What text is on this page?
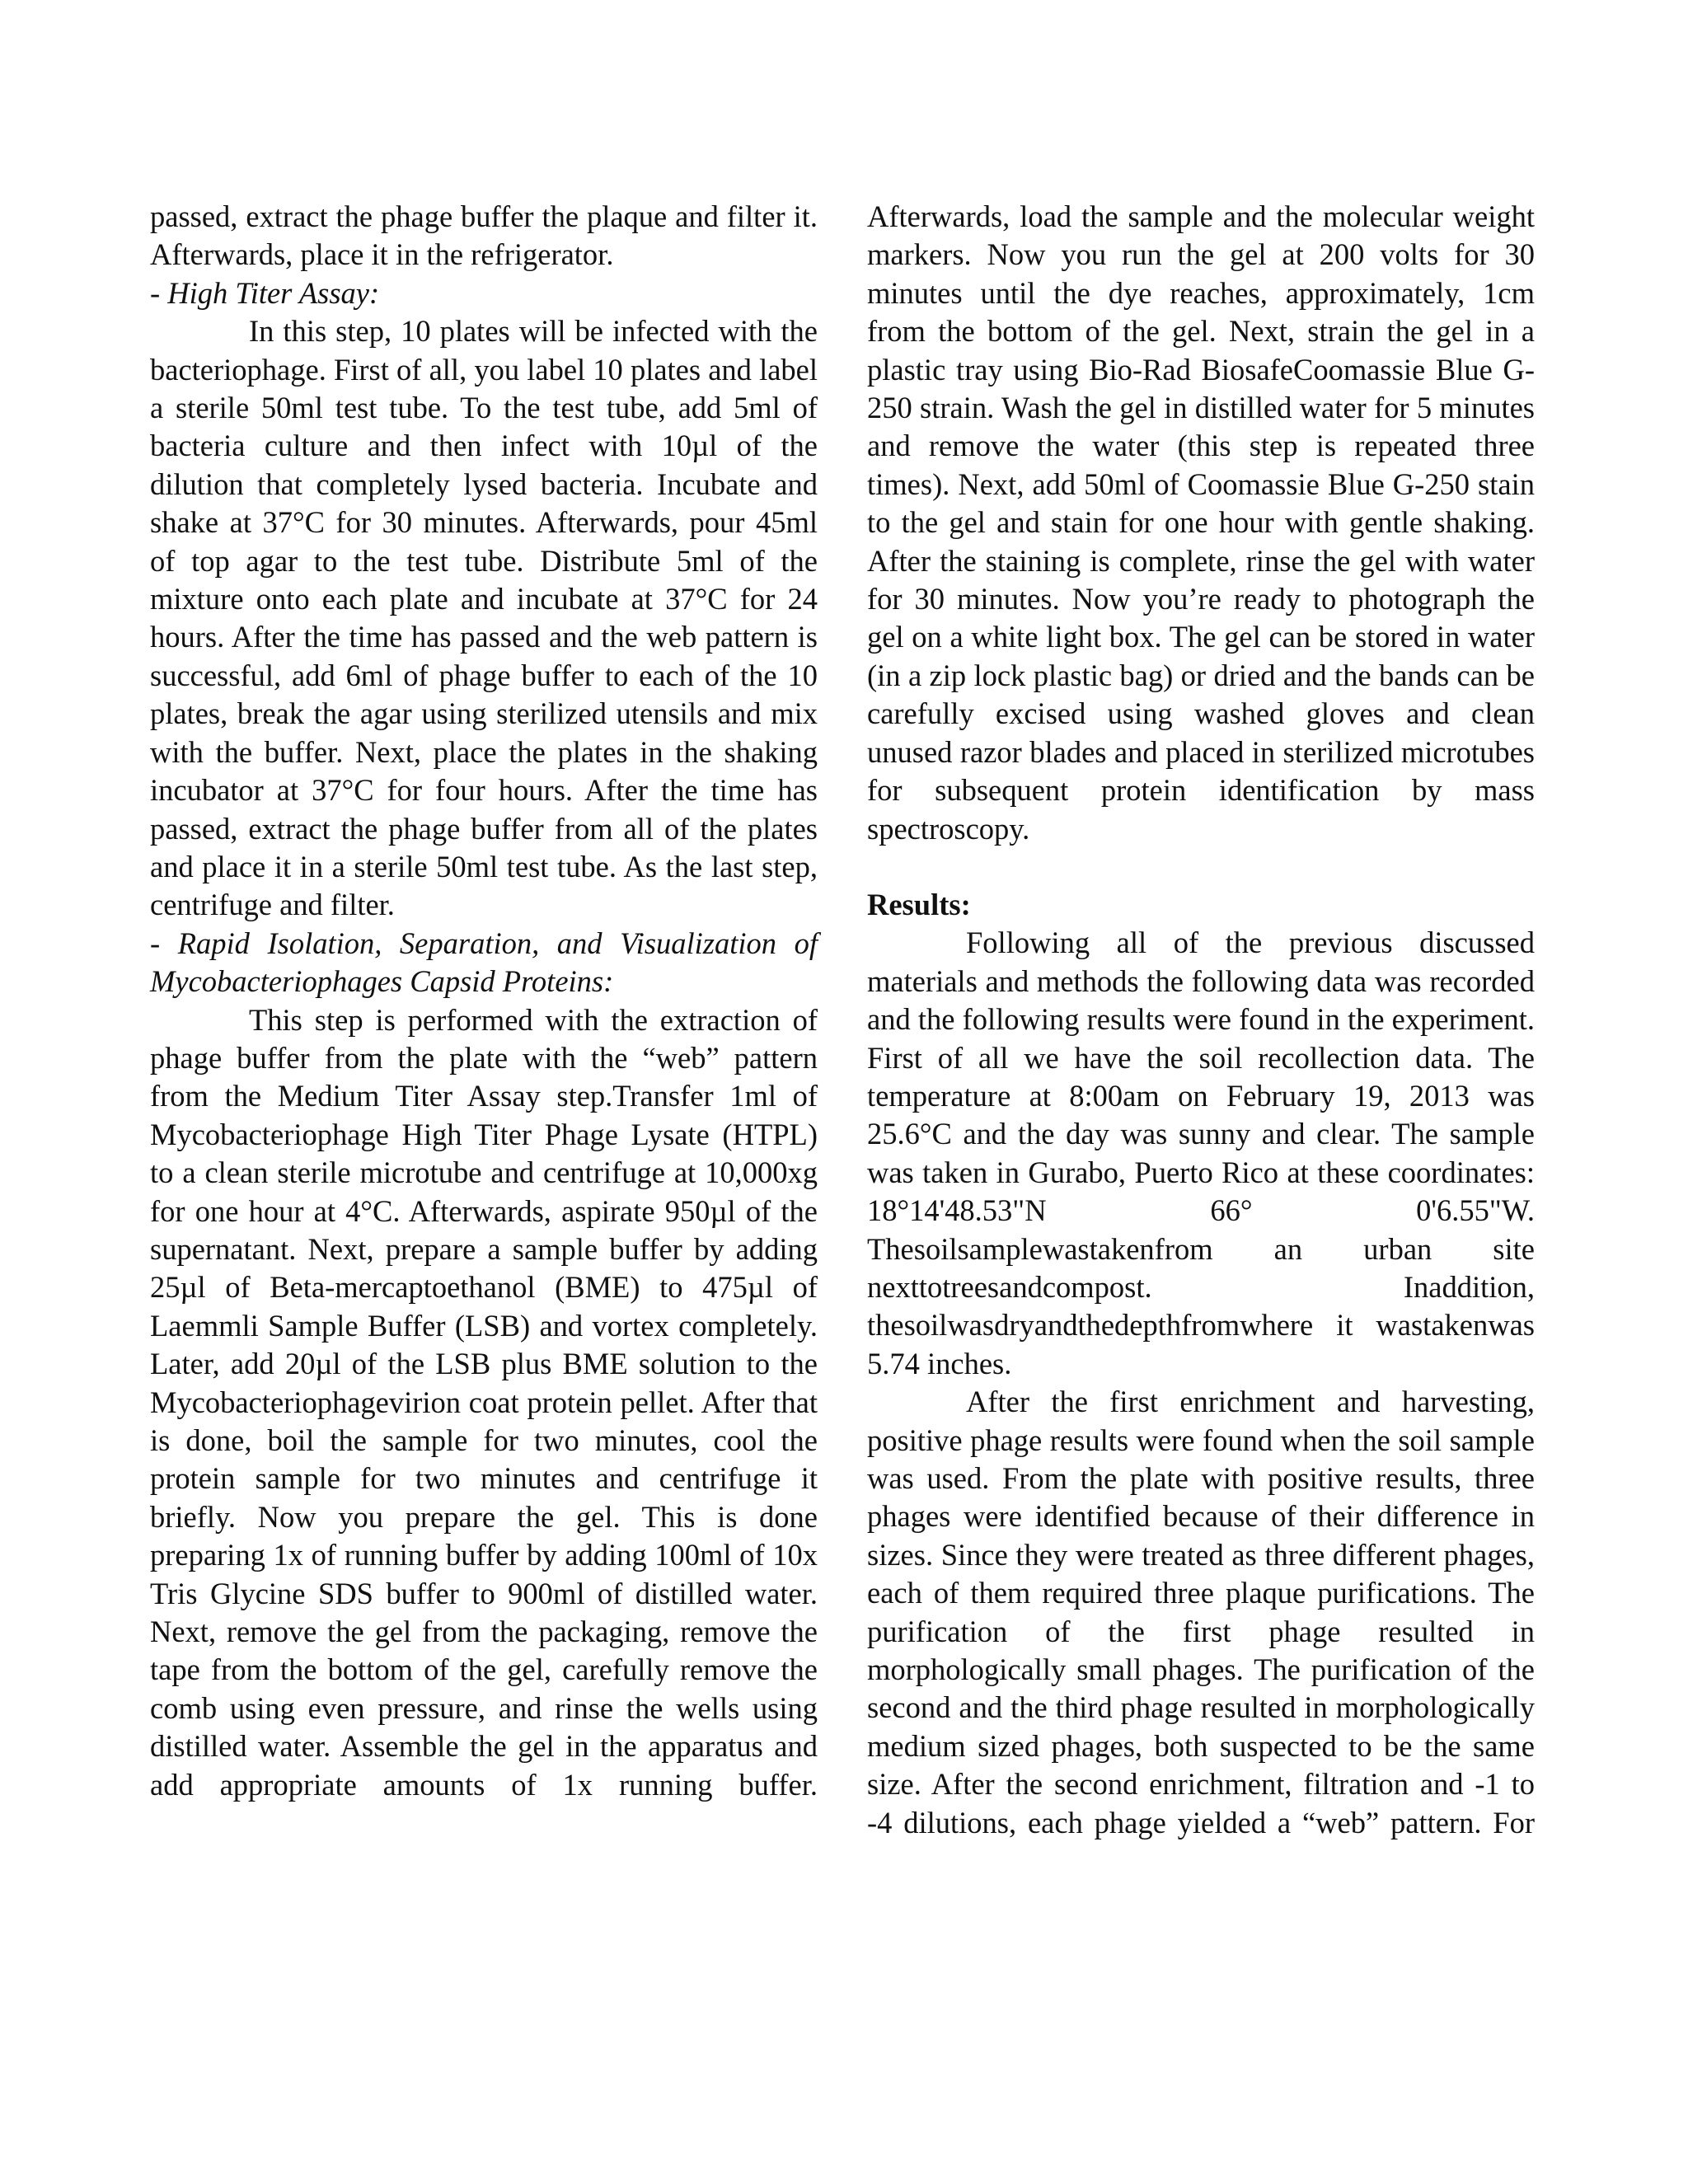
passed, extract the phage buffer the plaque and filter it. Afterwards, place it in the refrigerator.

- High Titer Assay:

In this step, 10 plates will be infected with the bacteriophage. First of all, you label 10 plates and label a sterile 50ml test tube. To the test tube, add 5ml of bacteria culture and then infect with 10µl of the dilution that completely lysed bacteria. Incubate and shake at 37°C for 30 minutes. Afterwards, pour 45ml of top agar to the test tube. Distribute 5ml of the mixture onto each plate and incubate at 37°C for 24 hours. After the time has passed and the web pattern is successful, add 6ml of phage buffer to each of the 10 plates, break the agar using sterilized utensils and mix with the buffer. Next, place the plates in the shaking incubator at 37°C for four hours. After the time has passed, extract the phage buffer from all of the plates and place it in a sterile 50ml test tube. As the last step, centrifuge and filter.

- Rapid Isolation, Separation, and Visualization of Mycobacteriophages Capsid Proteins:

This step is performed with the extraction of phage buffer from the plate with the “web” pattern from the Medium Titer Assay step.Transfer 1ml of Mycobacteriophage High Titer Phage Lysate (HTPL) to a clean sterile microtube and centrifuge at 10,000xg for one hour at 4°C. Afterwards, aspirate 950µl of the supernatant. Next, prepare a sample buffer by adding 25µl of Beta-mercaptoethanol (BME) to 475µl of Laemmli Sample Buffer (LSB) and vortex completely. Later, add 20µl of the LSB plus BME solution to the Mycobacteriophagevirion coat protein pellet. After that is done, boil the sample for two minutes, cool the protein sample for two minutes and centrifuge it briefly. Now you prepare the gel. This is done preparing 1x of running buffer by adding 100ml of 10x Tris Glycine SDS buffer to 900ml of distilled water. Next, remove the gel from the packaging, remove the tape from the bottom of the gel, carefully remove the comb using even pressure, and rinse the wells using distilled water. Assemble the gel in the apparatus and add appropriate amounts of 1x running buffer.

Afterwards, load the sample and the molecular weight markers. Now you run the gel at 200 volts for 30 minutes until the dye reaches, approximately, 1cm from the bottom of the gel. Next, strain the gel in a plastic tray using Bio-Rad BiosafeCoomassie Blue G-250 strain. Wash the gel in distilled water for 5 minutes and remove the water (this step is repeated three times). Next, add 50ml of Coomassie Blue G-250 stain to the gel and stain for one hour with gentle shaking. After the staining is complete, rinse the gel with water for 30 minutes. Now you’re ready to photograph the gel on a white light box. The gel can be stored in water (in a zip lock plastic bag) or dried and the bands can be carefully excised using washed gloves and clean unused razor blades and placed in sterilized microtubes for subsequent protein identification by mass spectroscopy.

Results:

Following all of the previous discussed materials and methods the following data was recorded and the following results were found in the experiment. First of all we have the soil recollection data. The temperature at 8:00am on February 19, 2013 was 25.6°C and the day was sunny and clear. The sample was taken in Gurabo, Puerto Rico at these coordinates: 18°14'48.53"N 66° 0'6.55"W. Thesoilsamplewastakenfrom an urban site nexttotreesandcompost. Inaddition, thesoilwasdryandthedepthfromwhere it wastakenwas 5.74 inches.

After the first enrichment and harvesting, positive phage results were found when the soil sample was used. From the plate with positive results, three phages were identified because of their difference in sizes. Since they were treated as three different phages, each of them required three plaque purifications. The purification of the first phage resulted in morphologically small phages. The purification of the second and the third phage resulted in morphologically medium sized phages, both suspected to be the same size. After the second enrichment, filtration and -1 to -4 dilutions, each phage yielded a “web” pattern. For
